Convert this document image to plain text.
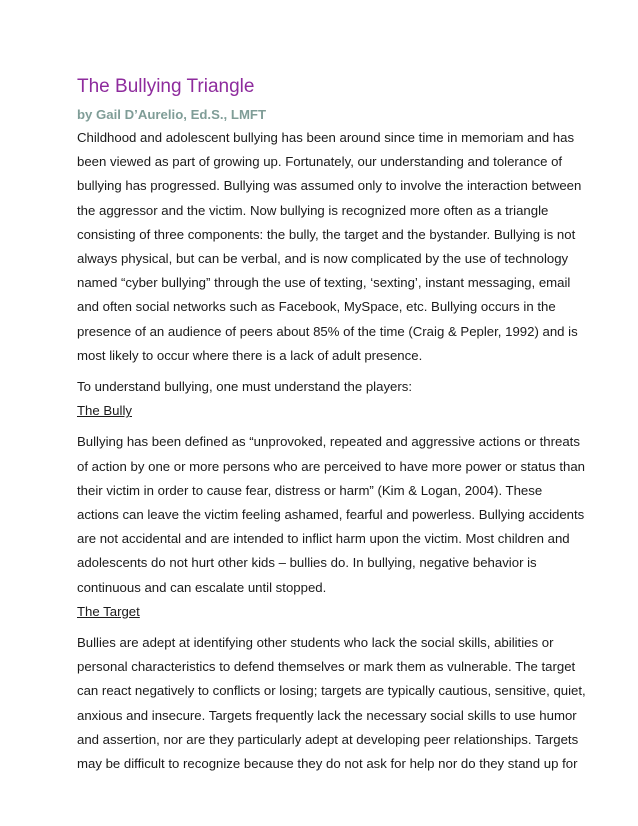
The Bullying Triangle

by Gail D’Aurelio, Ed.S., LMFT

Childhood and adolescent bullying has been around since time in memoriam and has
been viewed as part of growing up. Fortunately, our understanding and tolerance of
bullying has progressed. Bullying was assumed only to involve the interaction between
the aggressor and the victim. Now bullying is recognized more often as a triangle
consisting of three components: the bully, the target and the bystander. Bullying is not
always physical, but can be verbal, and is now complicated by the use of technology
named “cyber bullying” through the use of texting, ‘sexting’, instant messaging, email
and often social networks such as Facebook, MySpace, etc. Bullying occurs in the
presence of an audience of peers about 85% of the time (Craig & Pepler, 1992) and is
most likely to occur where there is a lack of adult presence.

To understand bullying, one must understand the players:

The Bully

Bullying has been defined as “unprovoked, repeated and aggressive actions or threats
of action by one or more persons who are perceived to have more power or status than
their victim in order to cause fear, distress or harm” (Kim & Logan, 2004). These
actions can leave the victim feeling ashamed, fearful and powerless. Bullying accidents
are not accidental and are intended to inflict harm upon the victim. Most children and
adolescents do not hurt other kids – bullies do. In bullying, negative behavior is
continuous and can escalate until stopped.

The Target

Bullies are adept at identifying other students who lack the social skills, abilities or
personal characteristics to defend themselves or mark them as vulnerable. The target
can react negatively to conflicts or losing; targets are typically cautious, sensitive, quiet,
anxious and insecure. Targets frequently lack the necessary social skills to use humor
and assertion, nor are they particularly adept at developing peer relationships. Targets
may be difficult to recognize because they do not ask for help nor do they stand up for
